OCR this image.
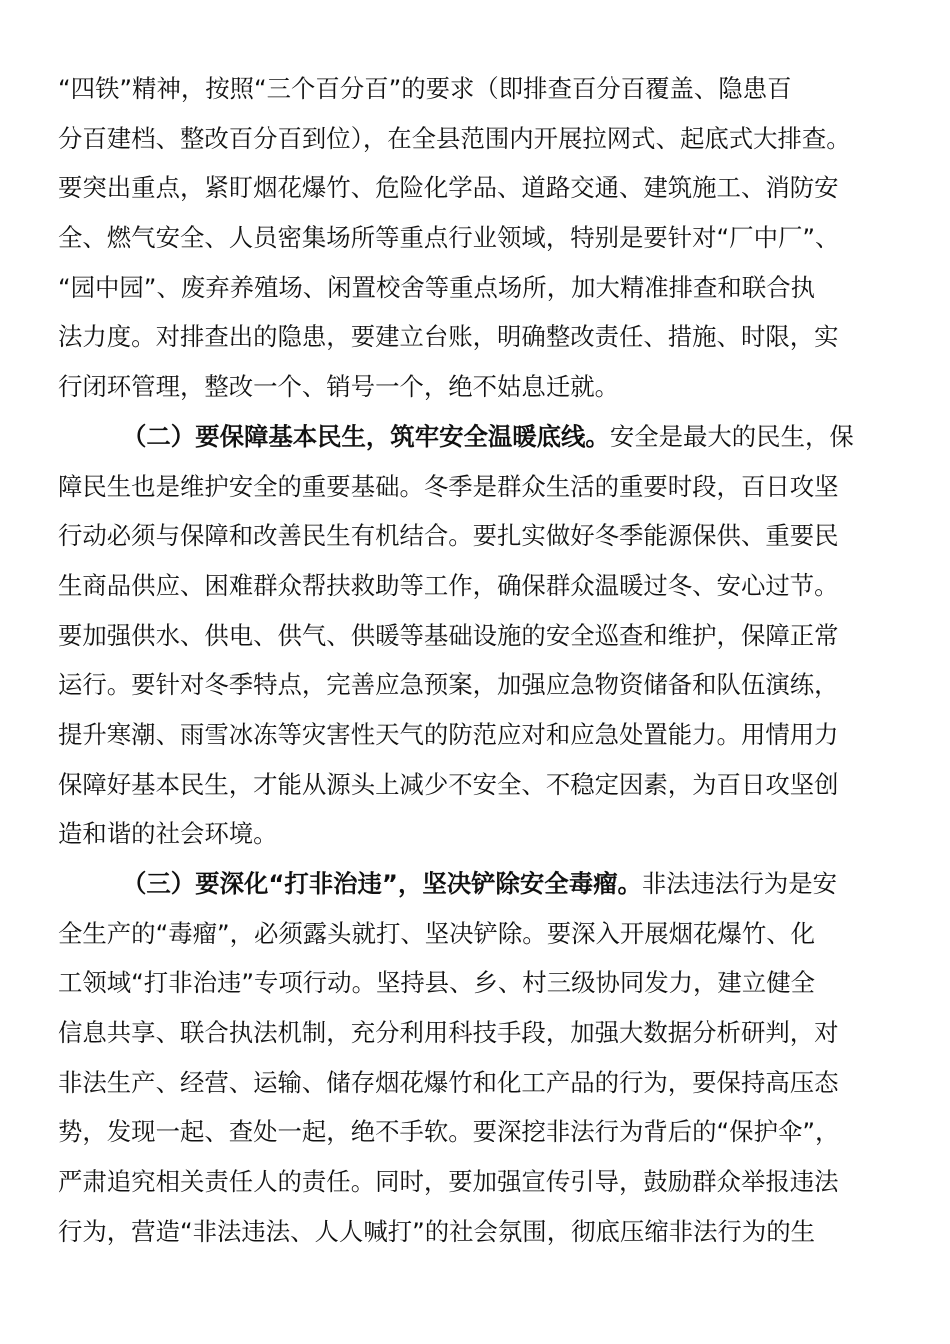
“四铁”精神，按照“三个百分百”的要求（即排查百分百覆盖、隐患百
分百建档、整改百分百到位），在全县范围内开展拉网式、起底式大排查。
要突出重点，紧盯烟花爆竹、危险化学品、道路交通、建筑施工、消防安
全、燃气安全、人员密集场所等重点行业领域，特别是要针对“厂中厂”、
“园中园”、废弃养殖场、闲置校舍等重点场所，加大精准排查和联合执
法力度。对排查出的隐患，要建立台账，明确整改责任、措施、时限，实
行闭环管理，整改一个、销号一个，绝不姑息迁就。
（二）要保障基本民生，筑牢安全温暖底线。安全是最大的民生，保
障民生也是维护安全的重要基础。冬季是群众生活的重要时段，百日攻坚
行动必须与保障和改善民生有机结合。要扎实做好冬季能源保供、重要民
生商品供应、困难群众帮扶救助等工作，确保群众温暖过冬、安心过节。
要加强供水、供电、供气、供暖等基础设施的安全巡查和维护，保障正常
运行。要针对冬季特点，完善应急预案，加强应急物资储备和队伍演练，
提升寒潮、雨雪冰冻等灾害性天气的防范应对和应急处置能力。用情用力
保障好基本民生，才能从源头上减少不安全、不稳定因素，为百日攻坚创
造和谐的社会环境。
（三）要深化“打非治违”，坚决铲除安全毒瘤。非法违法行为是安
全生产的“毒瘤”，必须露头就打、坚决铲除。要深入开展烟花爆竹、化
工领域“打非治违”专项行动。坚持县、乡、村三级协同发力，建立健全
信息共享、联合执法机制，充分利用科技手段，加强大数据分析研判，对
非法生产、经营、运输、储存烟花爆竹和化工产品的行为，要保持高压态
势，发现一起、查处一起，绝不手软。要深挖非法行为背后的“保护伞”，
严肃追究相关责任人的责任。同时，要加强宣传引导，鼓励群众举报违法
行为，营造“非法违法、人人喊打”的社会氛围，彻底压缩非法行为的生
